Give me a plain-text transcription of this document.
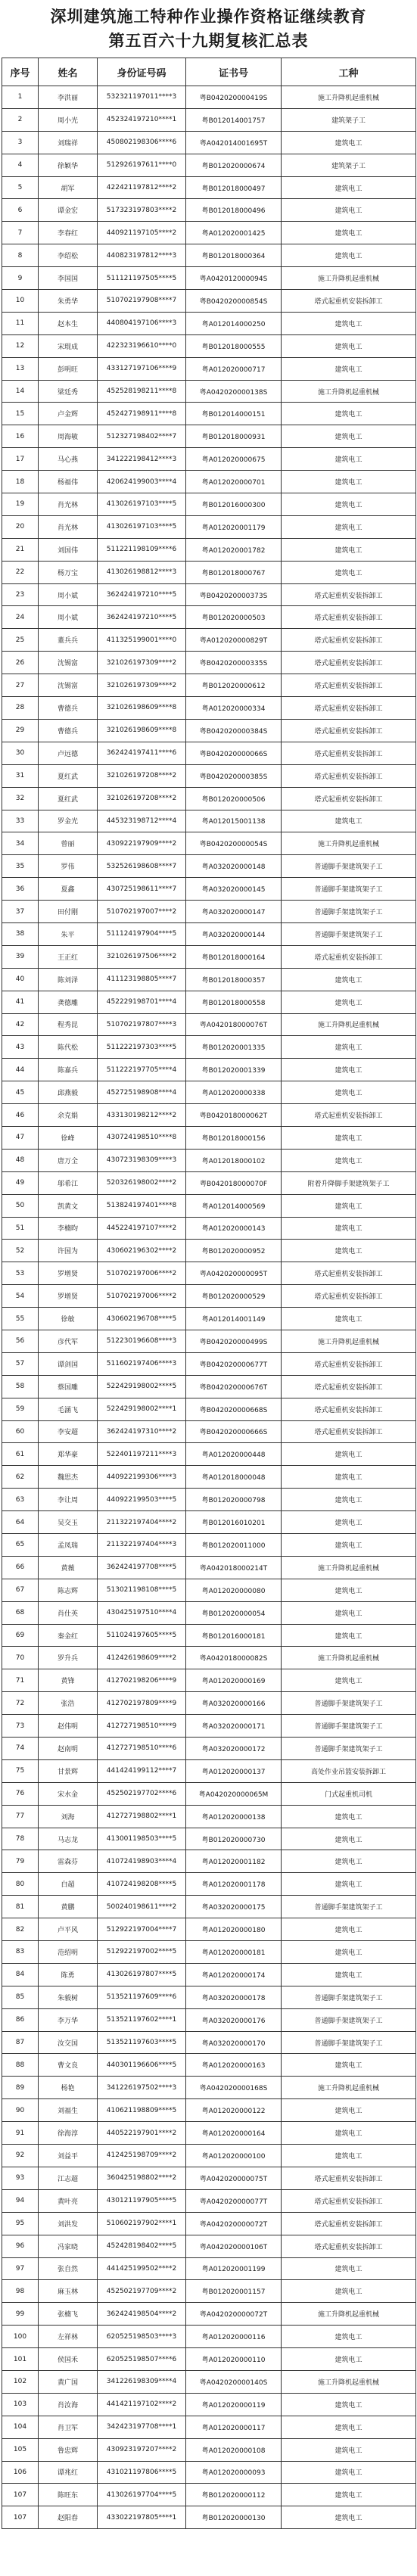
深圳建筑施工特种作业操作资格证继续教育
第五百六十九期复核汇总表
序号	姓名	身份证号码	证书号	工种
1	李洪丽	532321197011****3	粤B042020000419S	施工升降机起重机械
2	周小光	452324197210****1	粤B012014001757	建筑架子工
3	刘瑞祥	450802198306****6	粤A042014001695T	建筑电工
4	徐颖华	512926197611****0	粤B012020000674	建筑架子工
5	胡军	422421197812****2	粤B012018000497	建筑电工
6	谭金宏	517323197803****2	粤B012018000496	建筑电工
7	李春红	440921197105****2	粤A012020001425	建筑电工
8	李绍松	440823197812****3	粤B012018000364	建筑电工
9	李国国	511121197505****5	粤A042012000094S	施工升降机起重机械
10	朱勇华	510702197908****7	粤B042020000854S	塔式起重机安装拆卸工
11	赵本生	440804197106****3	粤A012014000250	建筑电工
12	宋琨成	422323196610****0	粤B012018000555	建筑电工
13	彭明旺	433127197106****9	粤A012020000717	建筑电工
14	梁廷秀	452528198211****8	粤A042020000138S	施工升降机起重机械
15	卢金辉	452427198911****8	粤B012014000151	建筑电工
16	周海敏	512327198402****7	粤B012018000931	建筑电工
17	马心燕	341222198412****3	粤A012020000675	建筑电工
18	杨福伟	420624199003****4	粤A012020000701	建筑电工
19	肖光林	413026197103****5	粤B012016000300	建筑电工
20	肖光林	413026197103****5	粤A012020001179	建筑电工
21	刘国伟	511221198109****6	粤A012020001782	建筑电工
22	杨万宝	413026198812****3	粤B012018000767	建筑电工
23	周小斌	362424197210****5	粤B042020000373S	塔式起重机安装拆卸工
24	周小斌	362424197210****5	粤B012020000503	塔式起重机安装拆卸工
25	董兵兵	411325199001****0	粤A012020000829T	塔式起重机安装拆卸工
26	沈锡富	321026197309****2	粤B042020000335S	塔式起重机安装拆卸工
27	沈锡富	321026197309****2	粤B012020000612	塔式起重机安装拆卸工
28	曹德兵	321026198609****8	粤A012020000334	塔式起重机安装拆卸工
29	曹德兵	321026198609****8	粤B042020000384S	塔式起重机安装拆卸工
30	卢远德	362424197411****6	粤B042020000066S	塔式起重机安装拆卸工
31	夏红武	321026197208****2	粤B042020000385S	塔式起重机安装拆卸工
32	夏红武	321026197208****2	粤B012020000506	塔式起重机安装拆卸工
33	罗金光	445323198712****4	粤A012015001138	建筑电工
34	曾丽	430922197909****2	粤B042020000054S	施工升降机起重机械
35	罗伟	532526198608****7	粤A032020000148	普通脚手架建筑架子工
36	夏鑫	430725198611****7	粤A032020000145	普通脚手架建筑架子工
37	田付刚	510702197007****2	粤A032020000147	普通脚手架建筑架子工
38	朱平	511124197904****5	粤A032020000144	普通脚手架建筑架子工
39	王正红	321026197506****2	粤B012018000164	塔式起重机安装拆卸工
40	陈刘泽	411123198805****7	粤B012018000357	建筑电工
41	龚德雕	452229198701****4	粤B012018000558	建筑电工
42	程秀昆	510702197807****3	粤A042018000076T	施工升降机起重机械
43	陈代松	511222197303****5	粤B012020001335	建筑电工
44	陈嘉兵	511222197705****4	粤B012020001339	建筑电工
45	邱燕毅	452725198908****4	粤A012020000338	建筑电工
46	余克娟	433130198212****2	粤B042018000062T	塔式起重机安装拆卸工
47	徐峰	430724198510****8	粤B012018000156	建筑电工
48	唐万全	430723198309****3	粤A012018000102	建筑电工
49	邬希江	520326198002****2	粤B042018000070F	附着升降脚手架建筑架子工
50	凯黄文	513824197401****8	粤A012014000569	建筑电工
51	李楠昀	445224197107****2	粤A012020000143	建筑电工
52	许国为	430602196302****2	粤B012020000952	建筑电工
53	罗增贤	510702197006****2	粤A042020000095T	塔式起重机安装拆卸工
54	罗增贤	510702197006****2	粤B012020000529	塔式起重机安装拆卸工
55	徐敏	430602196708****5	粤A012014001149	建筑电工
56	彦代军	512230196608****3	粤B042020000499S	施工升降机起重机械
57	谭剑国	511602197406****3	粤B042020000677T	塔式起重机安装拆卸工
58	蔡国雕	522429198002****5	粤B042020000676T	塔式起重机安装拆卸工
59	毛涵飞	522429198002****1	粤B042020000668S	塔式起重机安装拆卸工
60	李安超	362424197310****2	粤B042020000666S	塔式起重机安装拆卸工
61	郑华豪	522401197211****3	粤A012020000448	建筑电工
62	魏思杰	440922199306****3	粤A012018000048	建筑电工
63	李让周	440922199503****5	粤B012020000798	建筑电工
64	吴交玉	211322197404****2	粤B012016010201	建筑电工
65	孟凤瑞	211322197404****3	粤B012020011000	建筑电工
66	黄薇	362424197708****5	粤A042018000214T	施工升降机起重机械
67	陈志辉	513021198108****5	粤A012020000080	建筑电工
68	肖仕英	430425197510****4	粤B012020000054	建筑电工
69	秦金红	511024197605****5	粤B012016000181	建筑电工
70	罗升兵	412426198609****2	粤A042018000082S	施工升降机起重机械
71	黄锋	412702198206****9	粤A012020000169	建筑电工
72	张浩	412702197809****9	粤A032020000166	普通脚手架建筑架子工
73	赵伟明	412727198510****9	粤A032020000171	普通脚手架建筑架子工
74	赵南明	412727198510****6	粤A032020000172	普通脚手架建筑架子工
75	甘景辉	441424199112****7	粤A012020000137	高处作业吊篮安装拆卸工
76	宋水金	452502197702****6	粤A042020000065M	门式起重机司机
77	刘海	412727198802****1	粤A012020000138	建筑电工
78	马志龙	413001198503****5	粤B012020000730	建筑电工
79	雷森芬	410724198903****4	粤A012020001182	建筑电工
80	白超	410724198208****5	粤A012020001178	建筑电工
81	黄鹏	500240198611****2	粤A032020000175	普通脚手架建筑架子工
82	卢平风	512922197004****7	粤A012020000180	建筑电工
83	范绍明	512922197002****5	粤A012020000181	建筑电工
84	陈勇	413026197807****5	粤A012020000174	建筑电工
85	朱毅树	513521197609****6	粤A032020000178	普通脚手架建筑架子工
86	李万华	513521197602****1	粤A032020000176	普通脚手架建筑架子工
87	汝交国	513521197603****5	粤A032020000170	普通脚手架建筑架子工
88	曹文良	440301196606****5	粤A012020000163	建筑电工
89	杨艳	341226197502****3	粤A042020000168S	施工升降机起重机械
90	刘福生	410621198809****5	粤A012020000122	建筑电工
91	徐海淳	440522197901****2	粤A012020000164	建筑电工
92	刘益平	412425198709****2	粤A012020000100	建筑电工
93	江志超	360425198802****2	粤A042020000075T	塔式起重机安装拆卸工
94	黄叶亮	430121197905****5	粤A042020000077T	塔式起重机安装拆卸工
95	刘洪发	510602197902****1	粤A042020000072T	塔式起重机安装拆卸工
96	冯家晓	452428198402****5	粤A042020000106T	塔式起重机安装拆卸工
97	张自然	441425199502****2	粤A012020001199	建筑电工
98	麻玉林	452502197709****2	粤B012020001157	建筑电工
99	张楠飞	362424198504****2	粤A042020000072T	施工升降机起重机械
100	左祥林	620525198503****3	粤A012020000116	建筑电工
101	侯国禾	620525198507****6	粤A012020000110	建筑电工
102	黄广国	341226198309****4	粤A042020000140S	施工升降机起重机械
103	肖汝海	441421197102****2	粤A012020000119	建筑电工
104	肖卫军	342423197708****1	粤A012020000117	建筑电工
105	鲁忠辉	430923197207****2	粤A012020000108	建筑电工
106	谭兆红	431021197806****5	粤A012020000093	建筑电工
107	陈旺东	413026197704****5	粤B012020000112	建筑电工
107	赵阳春	433022197805****1	粤B012020000130	建筑电工
